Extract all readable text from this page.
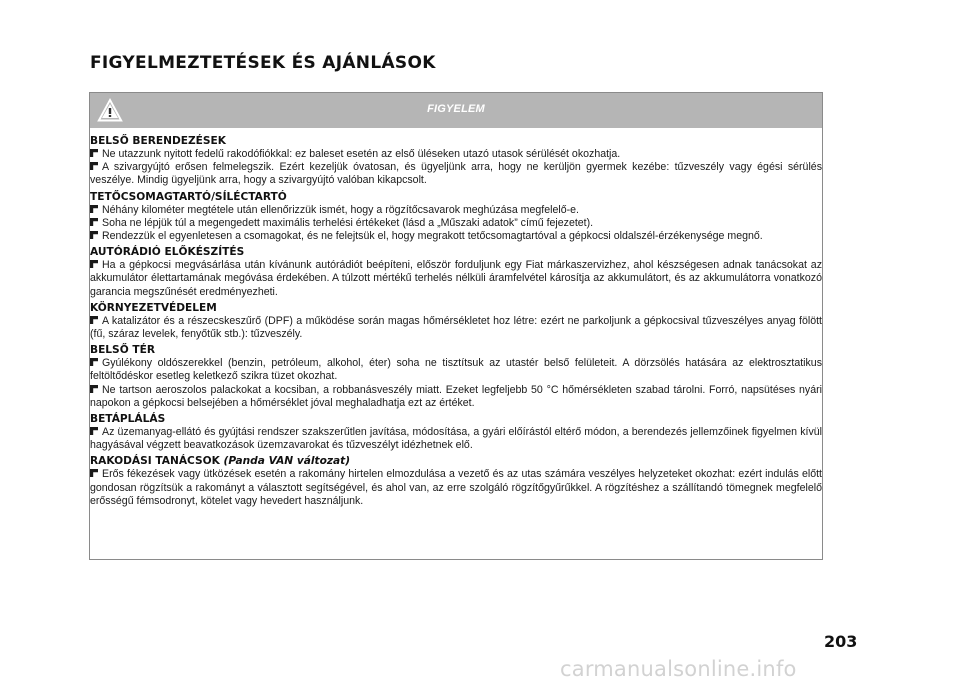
FIGYELMEZTETÉSEK ÉS AJÁNLÁSOK
FIGYELEM
BELSŐ BERENDEZÉSEK

Ne utazzunk nyitott fedelű rakodófiókkal: ez baleset esetén az első üléseken utazó utasok sérülését okozhatja.

A szivargyújtó erősen felmelegszik. Ezért kezeljük óvatosan, és ügyeljünk arra, hogy ne kerüljön gyermek kezébe: tűzveszély vagy égési sérülés veszélye. Mindig ügyeljünk arra, hogy a szivargyújtó valóban kikapcsolt.

TETŐCSOMAGTARTÓ/SÍLÉCTARTÓ

Néhány kilométer megtétele után ellenőrizzük ismét, hogy a rögzítőcsavarok meghúzása megfelelő-e.

Soha ne lépjük túl a megengedett maximális terhelési értékeket (lásd a „Műszaki adatok” című fejezetet).

Rendezzük el egyenletesen a csomagokat, és ne felejtsük el, hogy megrakott tetőcsomagtartóval a gépkocsi oldalszél-érzékenysége megnő.

AUTÓRÁDIÓ ELŐKÉSZÍTÉS

Ha a gépkocsi megvásárlása után kívánunk autórádiót beépíteni, először forduljunk egy Fiat márkaszervizhez, ahol készségesen adnak tanácsokat az akkumulátor élettartamának megóvása érdekében. A túlzott mértékű terhelés nélküli áramfelvétel károsítja az akkumulátort, és az akkumulátorra vonatkozó garancia megszűnését eredményezheti.

KÖRNYEZETVÉDELEM

A katalizátor és a részecskeszűrő (DPF) a működése során magas hőmérsékletet hoz létre: ezért ne parkoljunk a gépkocsival tűzveszélyes anyag fölött (fű, száraz levelek, fenyőtűk stb.): tűzveszély.

BELSŐ TÉR

Gyúlékony oldószerekkel (benzin, petróleum, alkohol, éter) soha ne tisztítsuk az utastér belső felületeit. A dörzsölés hatására az elektrosztatikus feltöltődéskor esetleg keletkező szikra tüzet okozhat.

Ne tartson aeroszolos palackokat a kocsiban, a robbanásveszély miatt. Ezeket legfeljebb 50 °C hőmérsékleten szabad tárolni. Forró, napsütéses nyári napokon a gépkocsi belsejében a hőmérséklet jóval meghaladhatja ezt az értéket.

BETÁPLÁLÁS

Az üzemanyag-ellátó és gyújtási rendszer szakszerűtlen javítása, módosítása, a gyári előírástól eltérő módon, a berendezés jellemzőinek figyelmen kívül hagyásával végzett beavatkozások üzemzavarokat és tűzveszélyt idézhetnek elő.

RAKODÁSI TANÁCSOK (Panda VAN változat)

Erős fékezések vagy ütközések esetén a rakomány hirtelen elmozdulása a vezető és az utas számára veszélyes helyzeteket okozhat: ezért indulás előtt gondosan rögzítsük a rakományt a választott segítségével, és ahol van, az erre szolgáló rögzítőgyűrűkkel. A rögzítéshez a szállítandó tömegnek megfelelő erősségű fémsodronyt, kötelet vagy hevedert használjunk.

203
carmanualsonline.info
